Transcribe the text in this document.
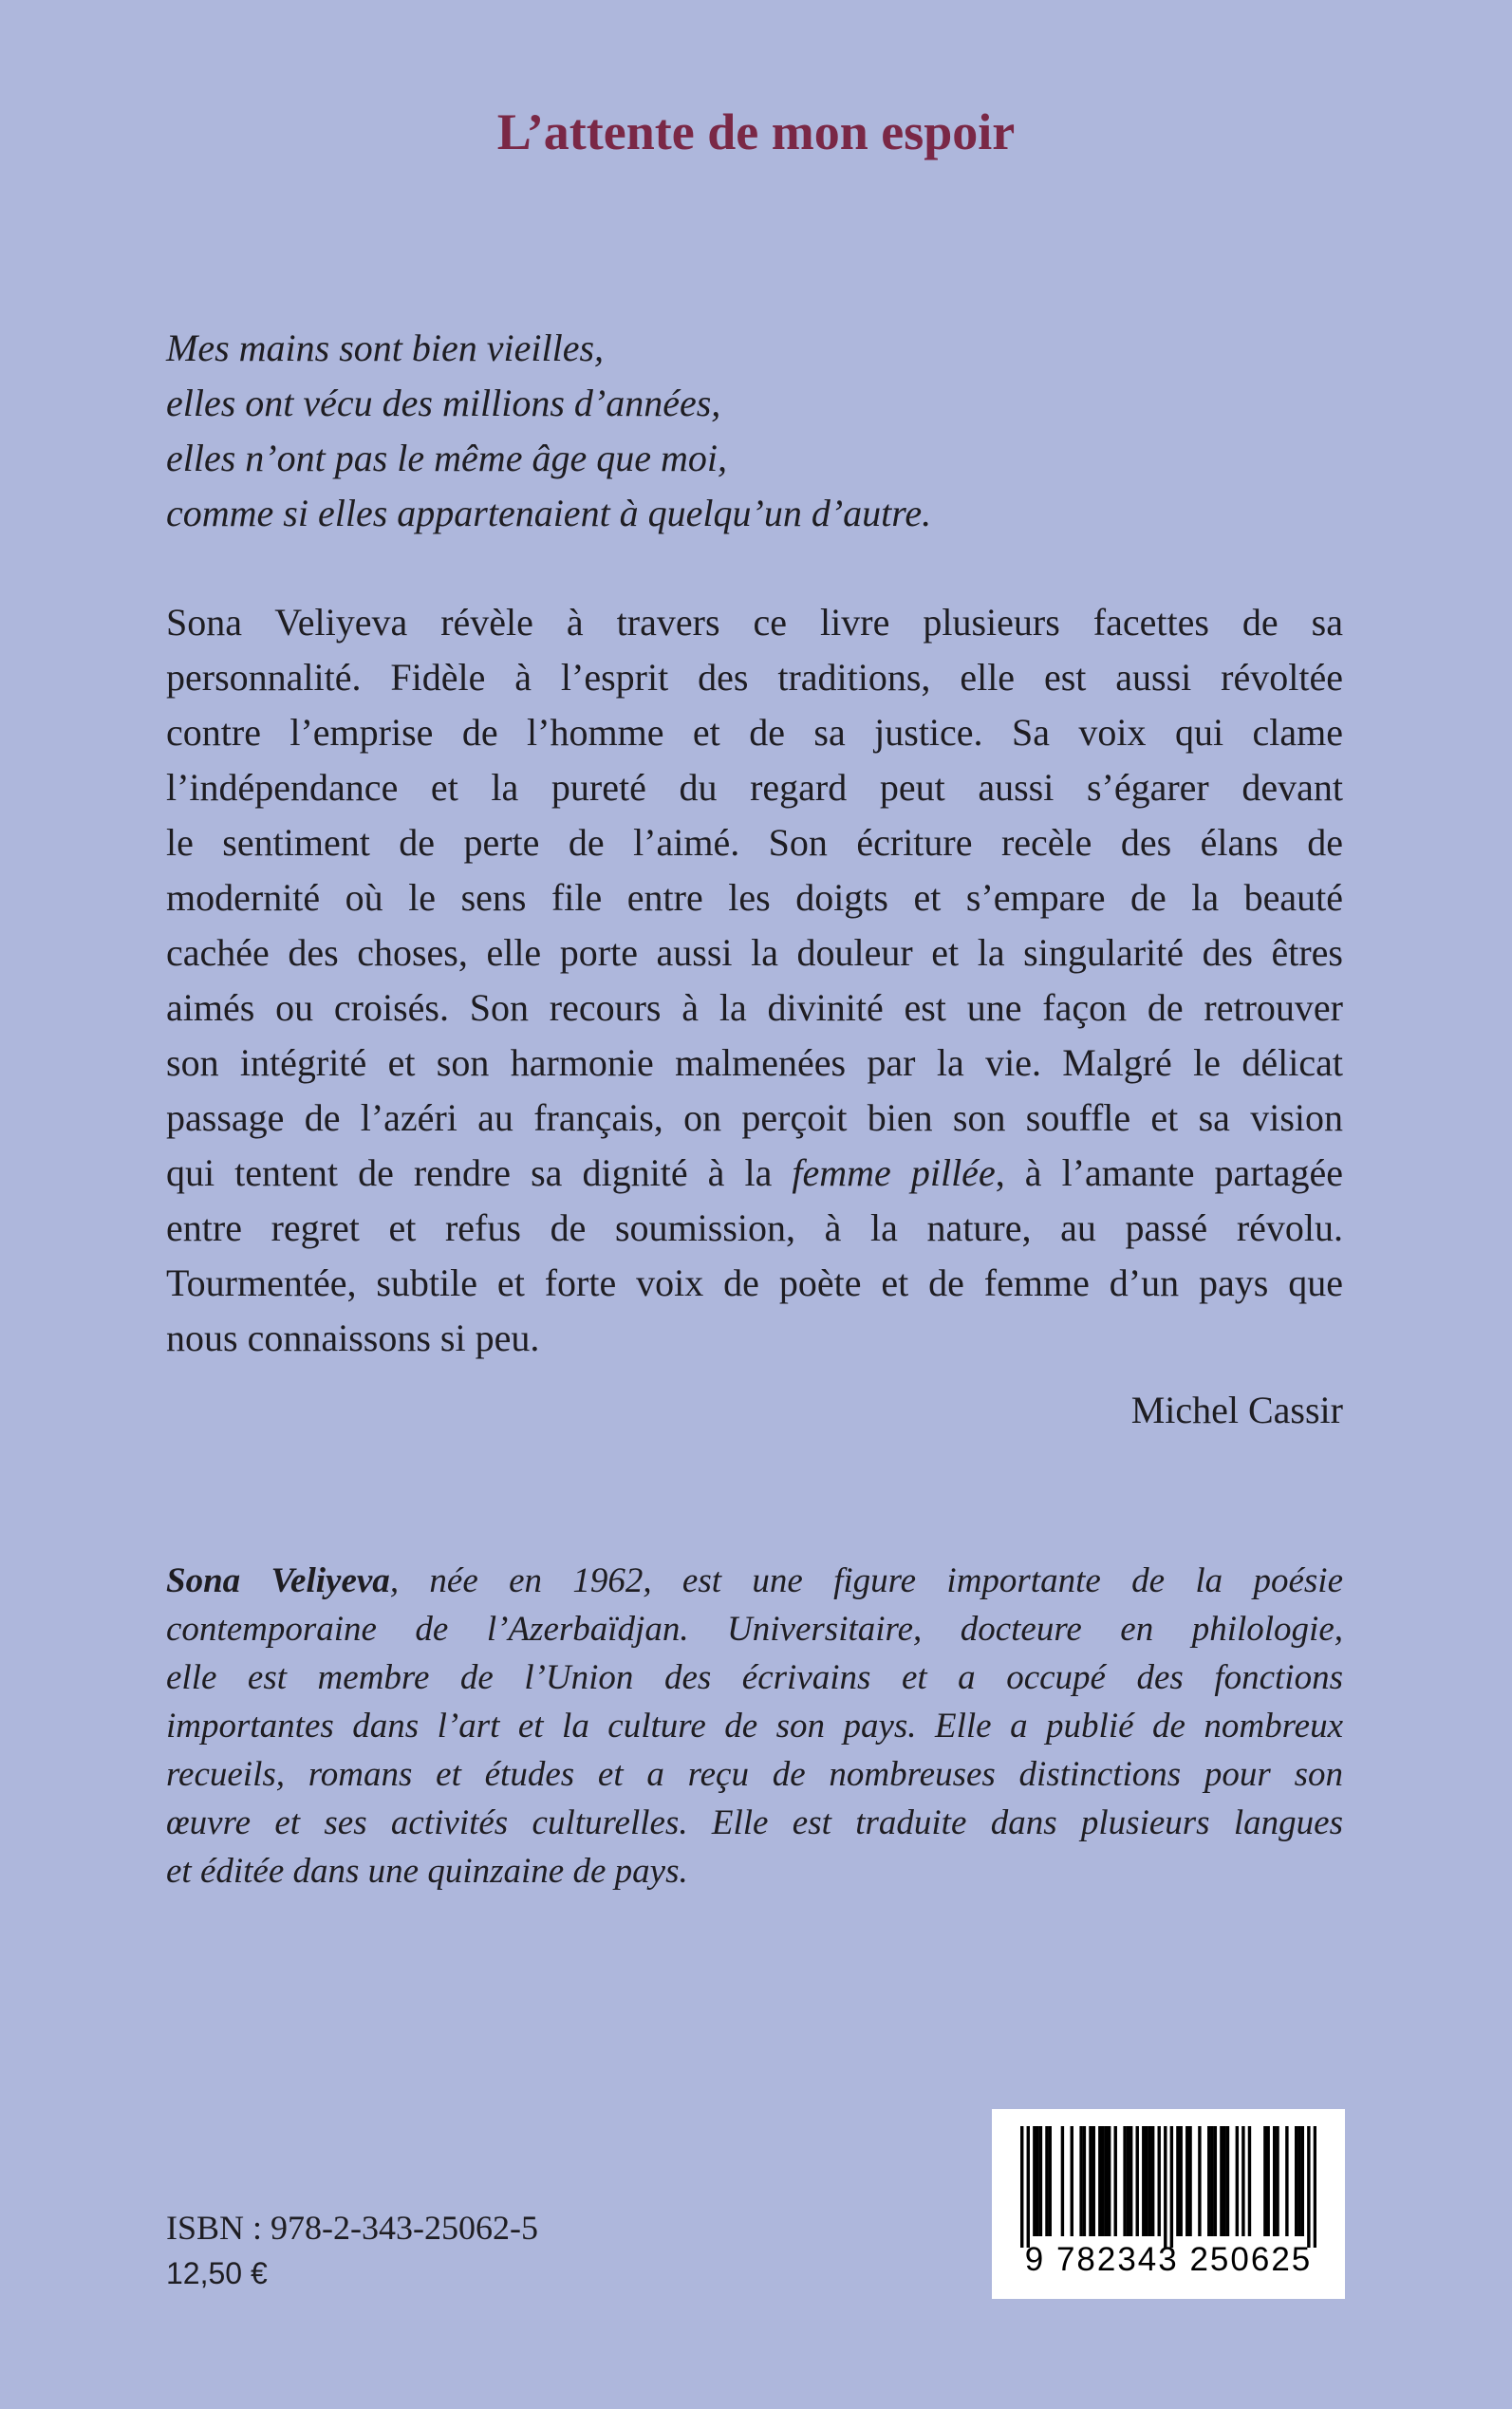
L’attente de mon espoir
Mes mains sont bien vieilles,
elles ont vécu des millions d’années,
elles n’ont pas le même âge que moi,
comme si elles appartenaient à quelqu’un d’autre.
Sona Veliyeva révèle à travers ce livre plusieurs facettes de sa
personnalité. Fidèle à l’esprit des traditions, elle est aussi révoltée
contre l’emprise de l’homme et de sa justice. Sa voix qui clame
l’indépendance et la pureté du regard peut aussi s’égarer devant
le sentiment de perte de l’aimé. Son écriture recèle des élans de
modernité où le sens file entre les doigts et s’empare de la beauté
cachée des choses, elle porte aussi la douleur et la singularité des êtres
aimés ou croisés. Son recours à la divinité est une façon de retrouver
son intégrité et son harmonie malmenées par la vie. Malgré le délicat
passage de l’azéri au français, on perçoit bien son souffle et sa vision
qui tentent de rendre sa dignité à la femme pillée, à l’amante partagée
entre regret et refus de soumission, à la nature, au passé révolu.
Tourmentée, subtile et forte voix de poète et de femme d’un pays que
nous connaissons si peu.
Michel Cassir
Sona Veliyeva, née en 1962, est une figure importante de la poésie
contemporaine de l’Azerbaïdjan. Universitaire, docteure en philologie,
elle est membre de l’Union des écrivains et a occupé des fonctions
importantes dans l’art et la culture de son pays. Elle a publié de nombreux
recueils, romans et études et a reçu de nombreuses distinctions pour son
œuvre et ses activités culturelles. Elle est traduite dans plusieurs langues
et éditée dans une quinzaine de pays.
ISBN : 978-2-343-25062-5
12,50 €	9 782343 250625
